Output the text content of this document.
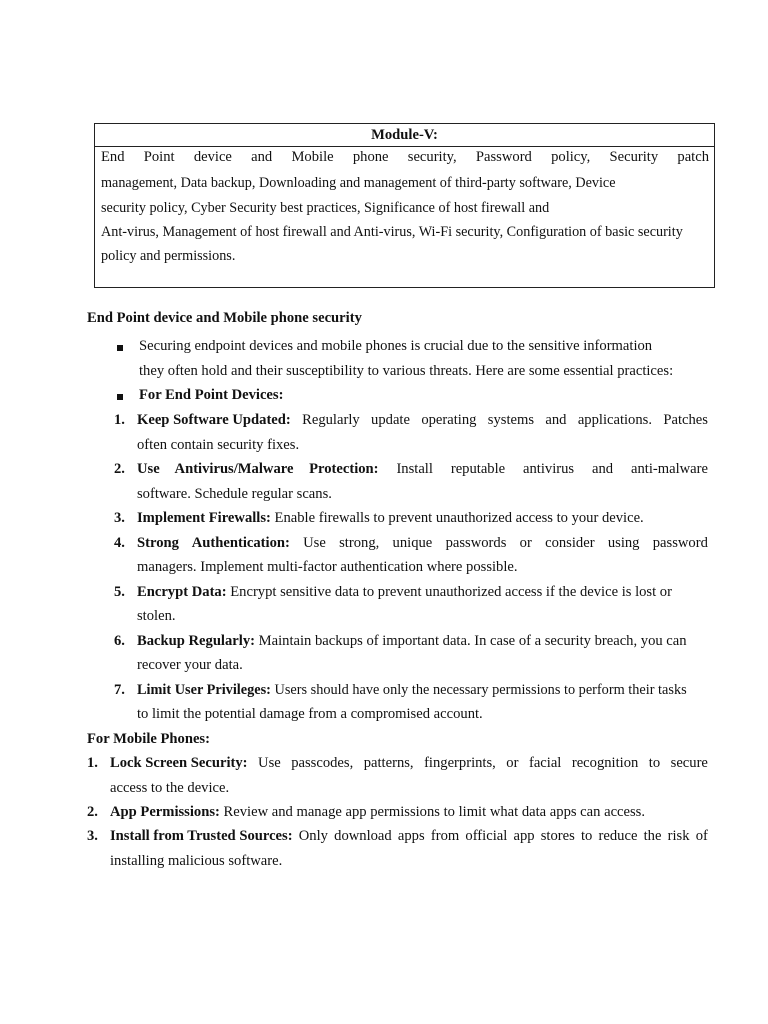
Module-V:
End Point device and Mobile phone security, Password policy, Security patch
management, Data backup, Downloading and management of third-party software, Device
security policy, Cyber Security best practices, Significance of host firewall and
Ant-virus, Management of host firewall and Anti-virus, Wi-Fi security, Configuration of basic security
policy and permissions.
End Point device and Mobile phone security
Securing endpoint devices and mobile phones is crucial due to the sensitive information
they often hold and their susceptibility to various threats. Here are some essential practices:
For End Point Devices:
1. Keep Software Updated: Regularly update operating systems and applications. Patches
often contain security fixes.
2. Use Antivirus/Malware Protection: Install reputable antivirus and anti-malware
software. Schedule regular scans.
3. Implement Firewalls: Enable firewalls to prevent unauthorized access to your device.
4. Strong Authentication: Use strong, unique passwords or consider using password
managers. Implement multi-factor authentication where possible.
5. Encrypt Data: Encrypt sensitive data to prevent unauthorized access if the device is lost or
stolen.
6. Backup Regularly: Maintain backups of important data. In case of a security breach, you can
recover your data.
7. Limit User Privileges: Users should have only the necessary permissions to perform their tasks
to limit the potential damage from a compromised account.
For Mobile Phones:
1. Lock Screen Security: Use passcodes, patterns, fingerprints, or facial recognition to secure
access to the device.
2. App Permissions: Review and manage app permissions to limit what data apps can access.
3. Install from Trusted Sources: Only download apps from official app stores to reduce the risk of
installing malicious software.
